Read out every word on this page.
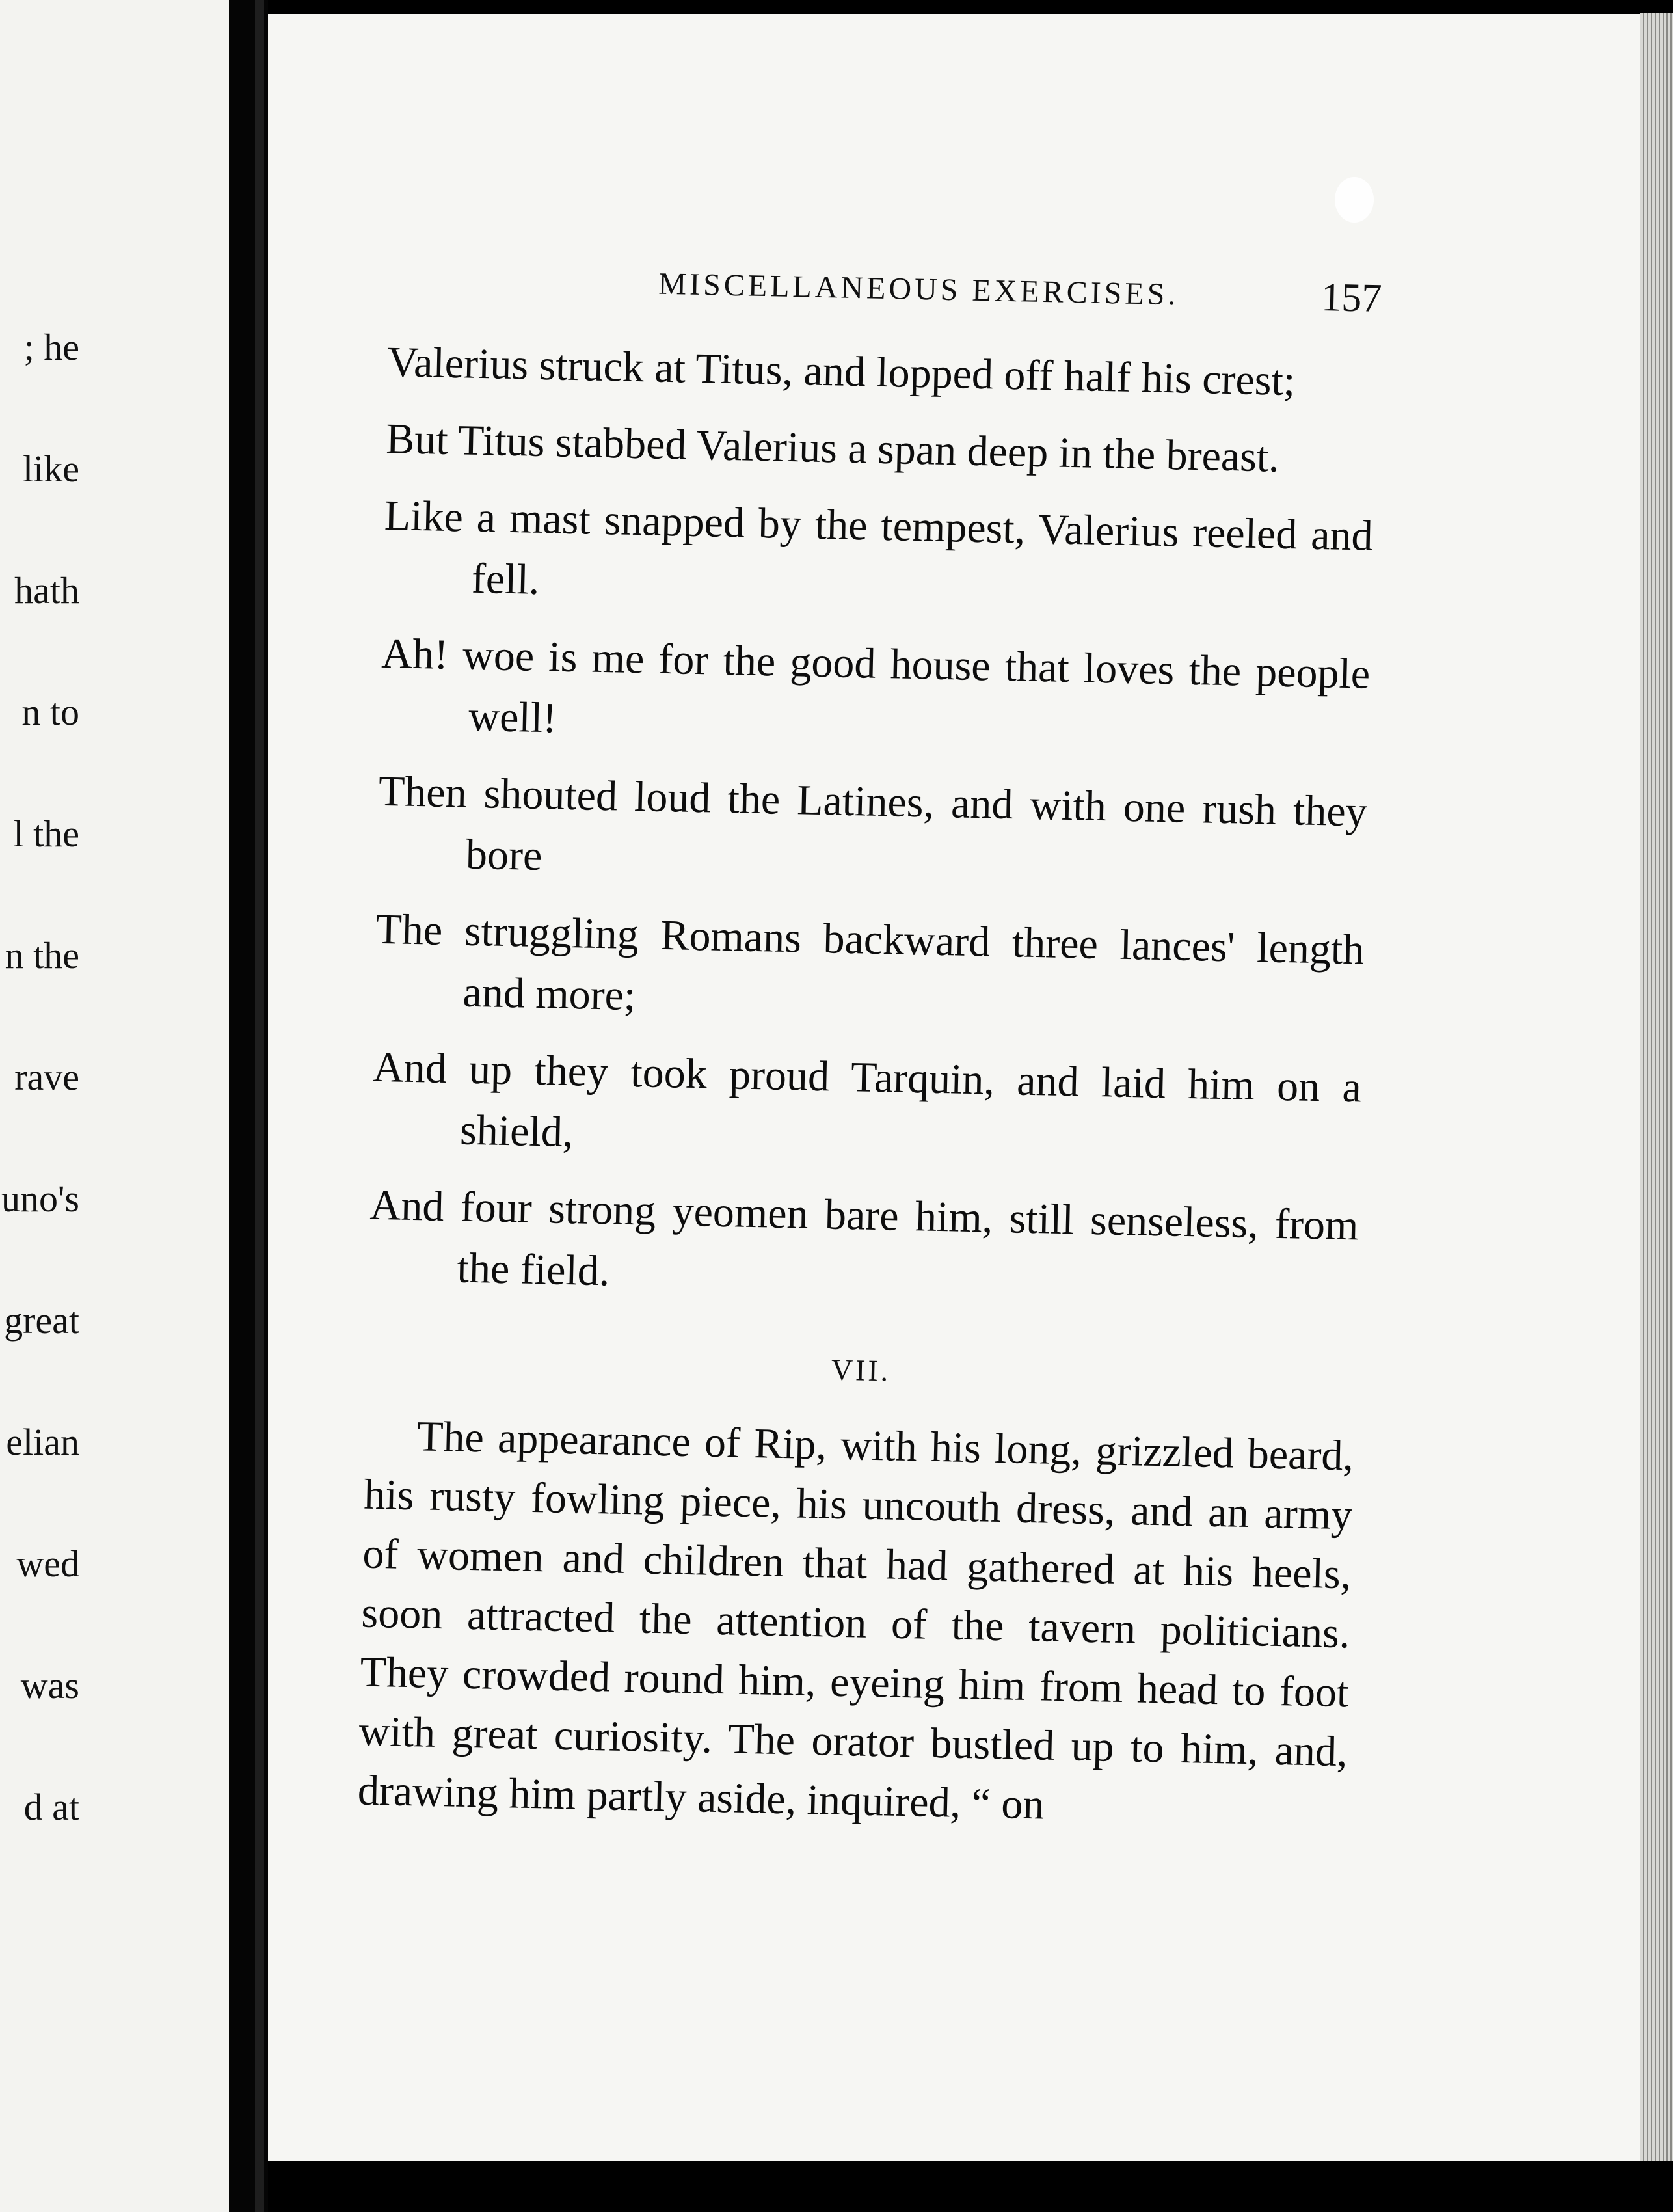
; he
like
hath
n to
l the
n the
rave
uno's
great
elian
wed
was
d at
MISCELLANEOUS EXERCISES.	157

Valerius struck at Titus, and lopped off half his crest;

But Titus stabbed Valerius a span deep in the breast.

Like a mast snapped by the tempest, Valerius reeled and fell.

Ah! woe is me for the good house that loves the people well!

Then shouted loud the Latines, and with one rush they bore

The struggling Romans backward three lances' length and more;

And up they took proud Tarquin, and laid him on a shield,

And four strong yeomen bare him, still senseless, from the field.

VII.

The appearance of Rip, with his long, grizzled beard, his rusty fowling piece, his uncouth dress, and an army of women and children that had gathered at his heels, soon attracted the attention of the tavern politicians. They crowded round him, eyeing him from head to foot with great curiosity. The orator bustled up to him, and, drawing him partly aside, inquired, “ on
